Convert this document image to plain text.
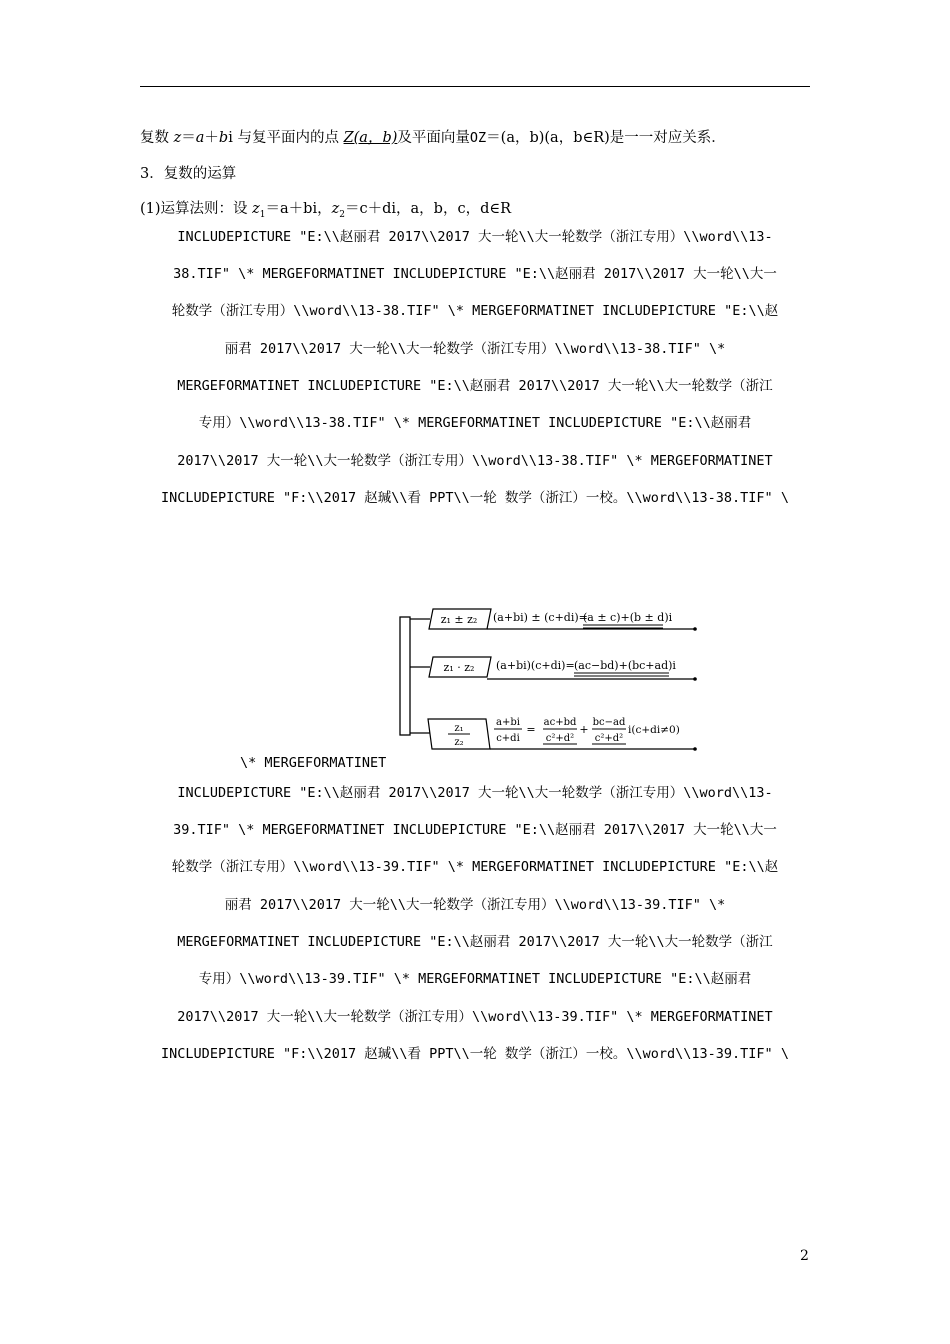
复数 z＝a＋bi 与复平面内的点 Z(a，b)及平面向量OZ＝(a，b)(a，b∈R)是一一对应关系．
3．复数的运算
(1)运算法则：设 $z_1=a+bi$，$z_2=c+di$，a，b，c，d∈R
INCLUDEPICTURE "E:\\赵丽君 2017\\2017 大一轮\\大一轮数学（浙江专用）\\word\\13-
38.TIF" \* MERGEFORMATINET INCLUDEPICTURE "E:\\赵丽君 2017\\2017 大一轮\\大一
轮数学（浙江专用）\\word\\13-38.TIF" \* MERGEFORMATINET INCLUDEPICTURE "E:\\赵
丽君 2017\\2017 大一轮\\大一轮数学（浙江专用）\\word\\13-38.TIF" \*
MERGEFORMATINET INCLUDEPICTURE "E:\\赵丽君 2017\\2017 大一轮\\大一轮数学（浙江
专用）\\word\\13-38.TIF" \* MERGEFORMATINET INCLUDEPICTURE "E:\\赵丽君
2017\\2017 大一轮\\大一轮数学（浙江专用）\\word\\13-38.TIF" \* MERGEFORMATINET
INCLUDEPICTURE "F:\\2017 赵瑊\\看 PPT\\一轮 数学（浙江）一校。\\word\\13-38.TIF" \
z₁ ± z₂ (a+bi) ± (c+di)=
(a ± c)+(b ± d)i
z₁ · z₂ (a+bi)(c+di)= (ac−bd)+(bc+ad)i
z₁
z₂
a+bi
c+di
=
ac+bd
c²+d²
+
bc−ad
c²+d²
i(c+di≠0)
\* MERGEFORMATINET
INCLUDEPICTURE "E:\\赵丽君 2017\\2017 大一轮\\大一轮数学（浙江专用）\\word\\13-
39.TIF" \* MERGEFORMATINET INCLUDEPICTURE "E:\\赵丽君 2017\\2017 大一轮\\大一
轮数学（浙江专用）\\word\\13-39.TIF" \* MERGEFORMATINET INCLUDEPICTURE "E:\\赵
丽君 2017\\2017 大一轮\\大一轮数学（浙江专用）\\word\\13-39.TIF" \*
MERGEFORMATINET INCLUDEPICTURE "E:\\赵丽君 2017\\2017 大一轮\\大一轮数学（浙江
专用）\\word\\13-39.TIF" \* MERGEFORMATINET INCLUDEPICTURE "E:\\赵丽君
2017\\2017 大一轮\\大一轮数学（浙江专用）\\word\\13-39.TIF" \* MERGEFORMATINET
INCLUDEPICTURE "F:\\2017 赵瑊\\看 PPT\\一轮 数学（浙江）一校。\\word\\13-39.TIF" \
2
